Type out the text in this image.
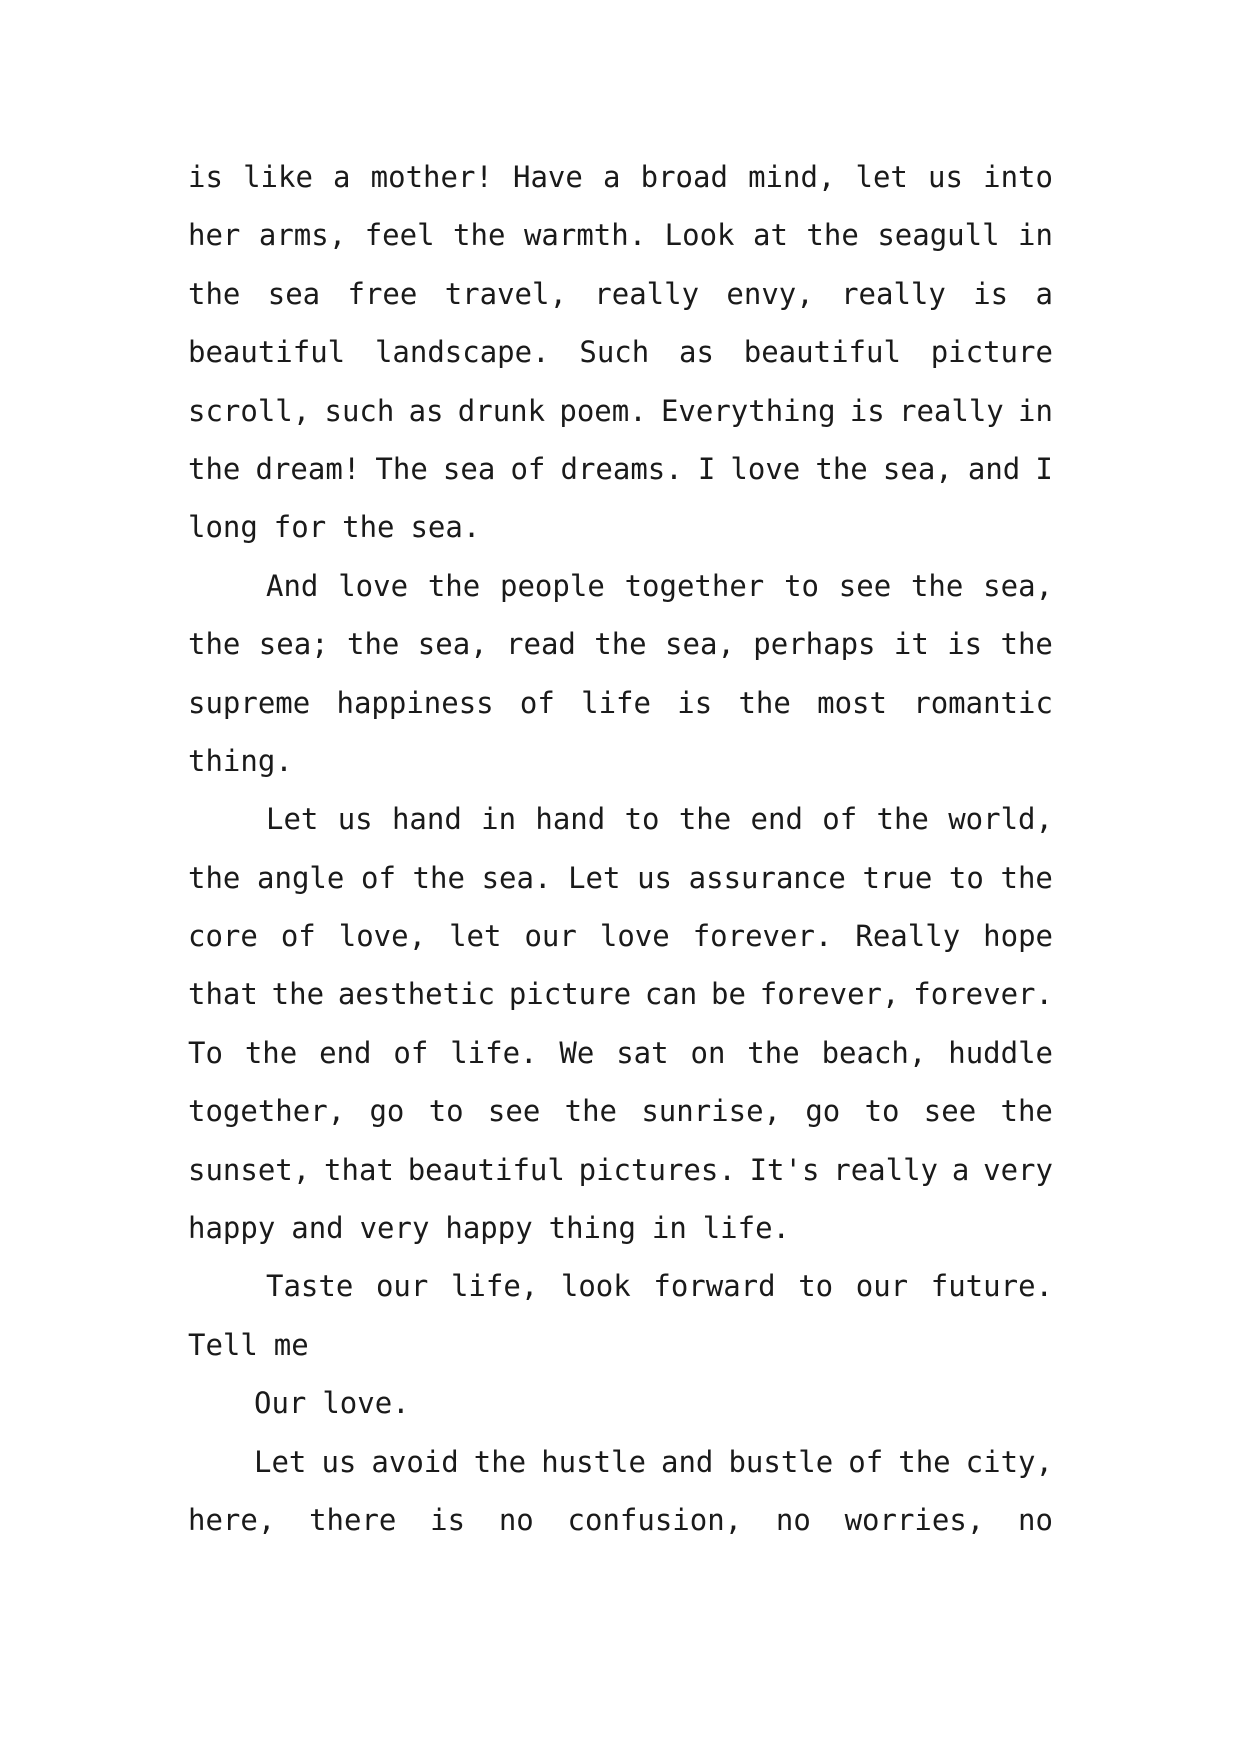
is like a mother! Have a broad mind, let us into
her arms, feel the warmth. Look at the seagull in
the sea free travel, really envy, really is a
beautiful landscape. Such as beautiful picture
scroll, such as drunk poem. Everything is really in
the dream! The sea of dreams. I love the sea, and I
long for the sea.
And love the people together to see the sea,
the sea; the sea, read the sea, perhaps it is the
supreme happiness of life is the most romantic
thing.
Let us hand in hand to the end of the world,
the angle of the sea. Let us assurance true to the
core of love, let our love forever. Really hope
that the aesthetic picture can be forever, forever.
To the end of life. We sat on the beach, huddle
together, go to see the sunrise, go to see the
sunset, that beautiful pictures. It's really a very
happy and very happy thing in life.
Taste our life, look forward to our future.
Tell me
Our love.
Let us avoid the hustle and bustle of the city,
here, there is no confusion, no worries, no
